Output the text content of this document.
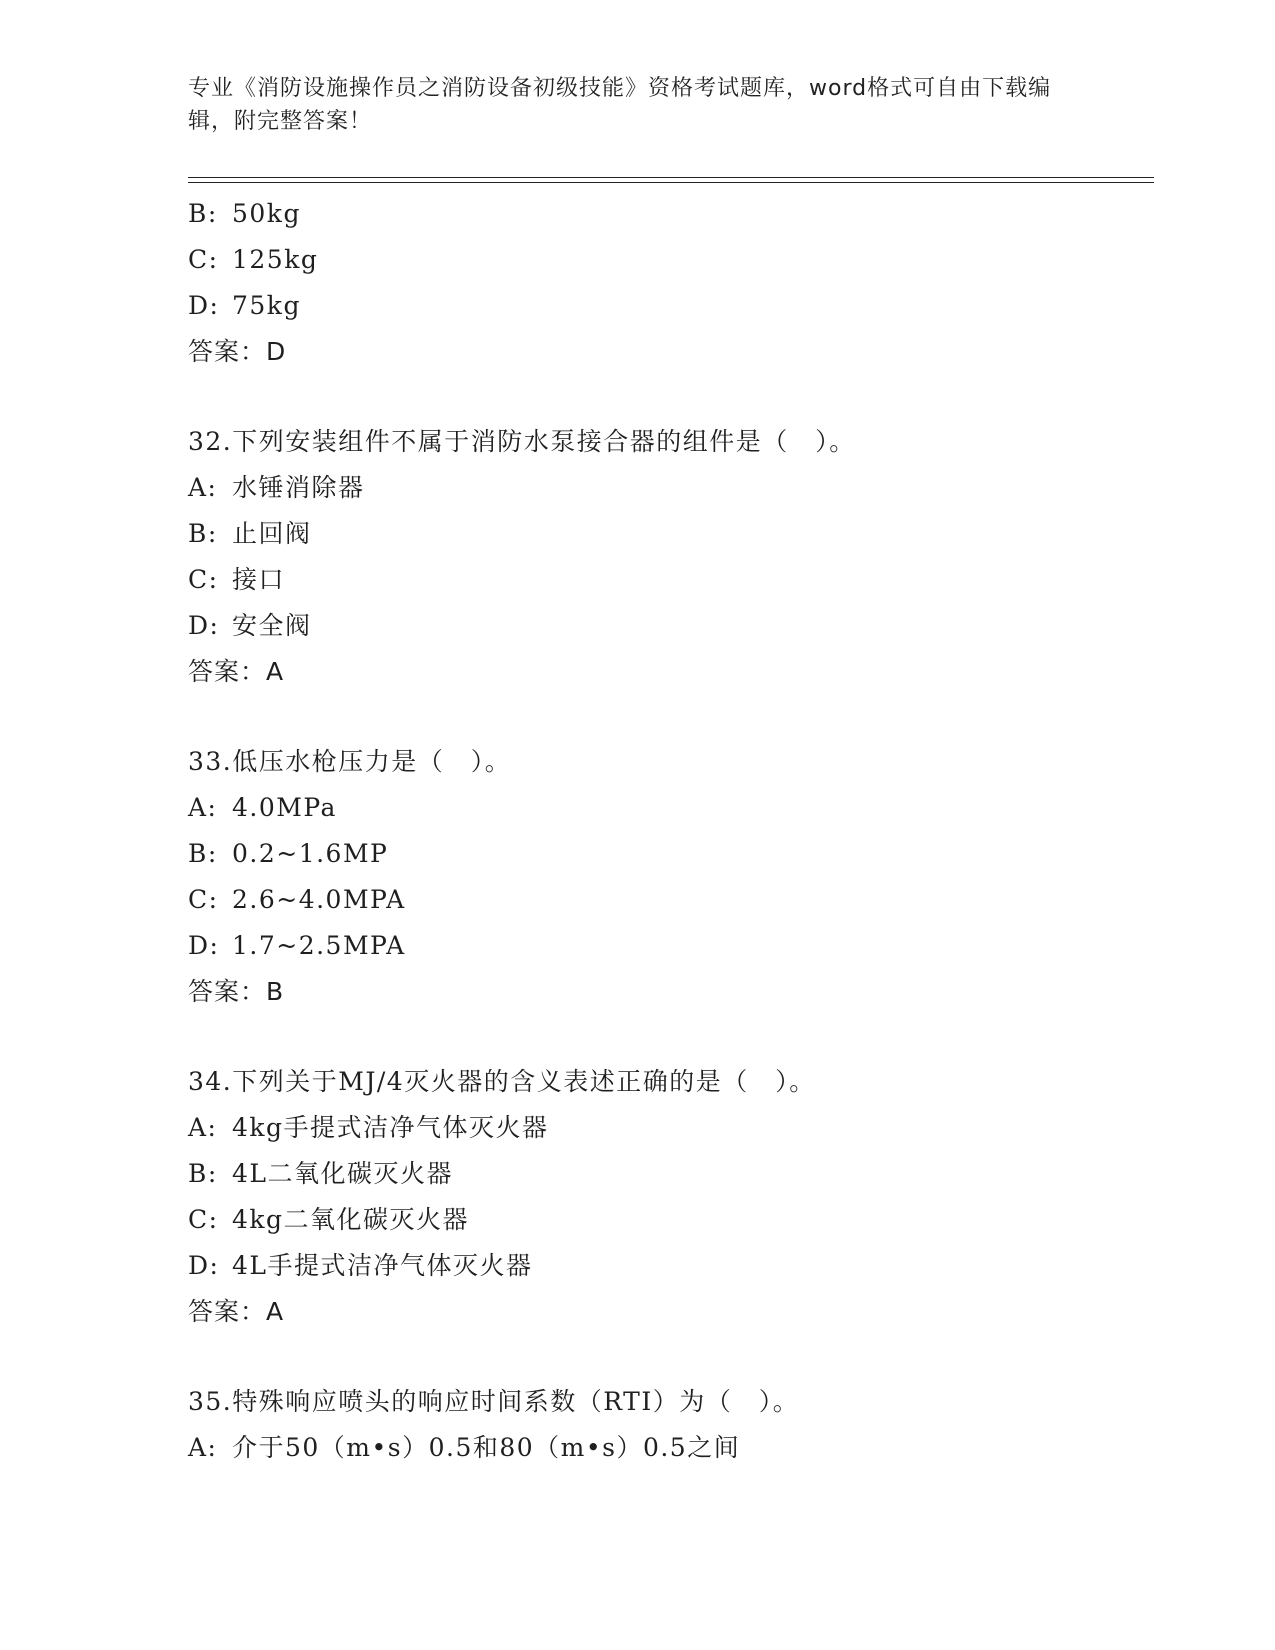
专业《消防设施操作员之消防设备初级技能》资格考试题库，word格式可自由下载编辑，附完整答案！
B: 50kg
C: 125kg
D: 75kg
答案：D
32.下列安装组件不属于消防水泵接合器的组件是（　）。
A: 水锤消除器
B: 止回阀
C: 接口
D: 安全阀
答案：A
33.低压水枪压力是（　）。
A: 4.0MPa
B: 0.2~1.6MP
C: 2.6~4.0MPA
D: 1.7~2.5MPA
答案：B
34.下列关于MJ/4灭火器的含义表述正确的是（　）。
A: 4kg手提式洁净气体灭火器
B: 4L二氧化碳灭火器
C: 4kg二氧化碳灭火器
D: 4L手提式洁净气体灭火器
答案：A
35.特殊响应喷头的响应时间系数（RTI）为（　）。
A: 介于50（m•s）0.5和80（m•s）0.5之间
